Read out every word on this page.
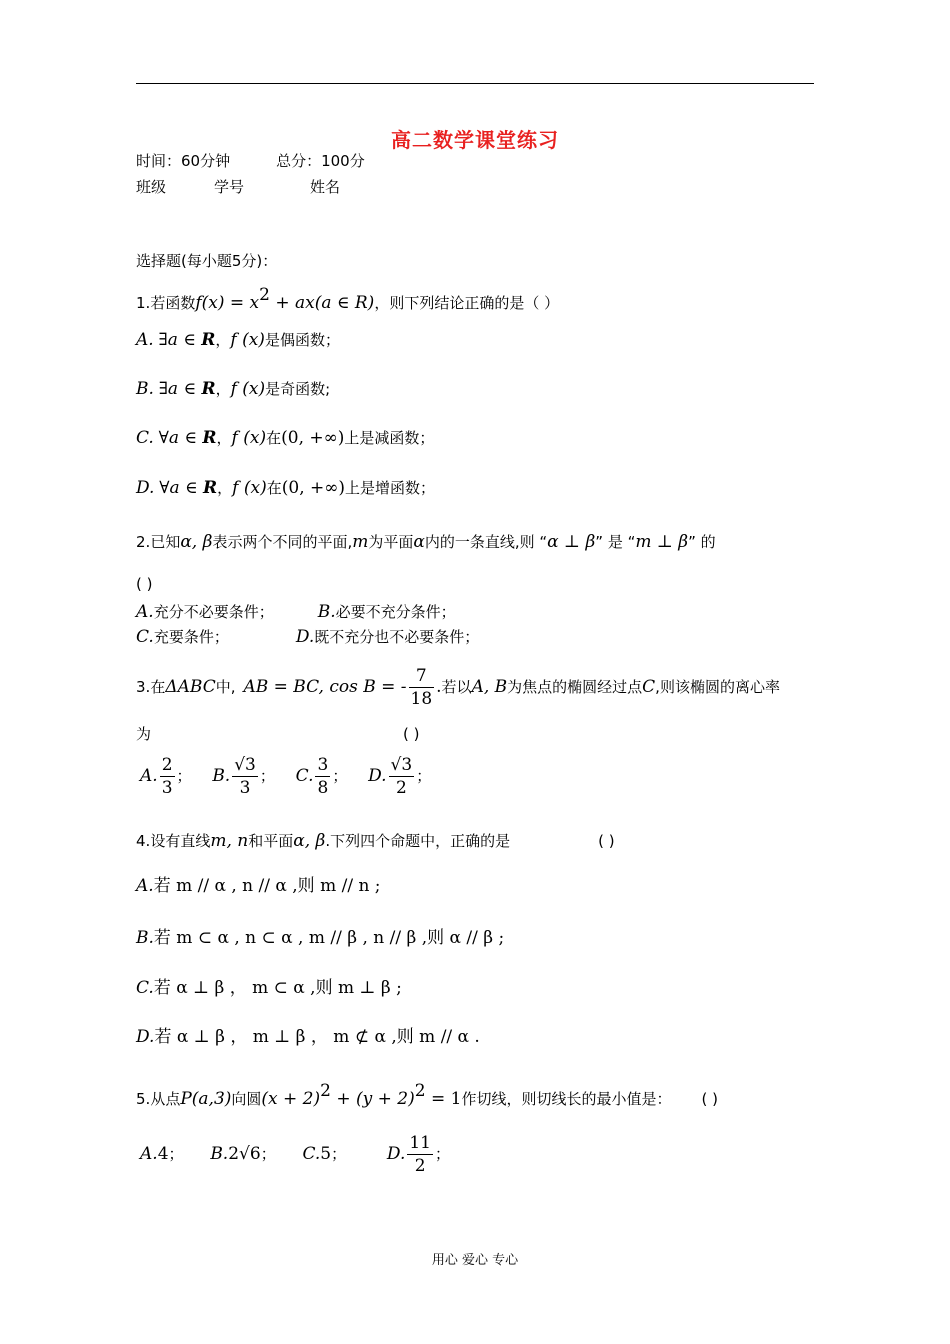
高二数学课堂练习
时间：60分钟	总分：100分
班级	学号	姓名
选择题(每小题5分)：
1.若函数$f(x) = x^2 + ax(a$ ∈ R)，则下列结论正确的是（ ）
A. ∃a ∈ R，f (x)是偶函数；
B. ∃a ∈ R，f (x)是奇函数;
C. ∀a ∈ R，f (x)在(0, +∞)上是减函数；
D. ∀a ∈ R，f (x)在(0, +∞)上是增函数；
2.已知α, β表示两个不同的平面,m为平面α内的一条直线,则 “α ⊥ β” 是 “m ⊥ β” 的
( )
A.充分不必要条件；	B.必要不充分条件；
C.充要条件；	D.既不充分也不必要条件；
3.在ΔABC中, AB = BC, cos B = - $\frac{7}{18}$ .若以A, B为焦点的椭圆经过点C,则该椭圆的离心率
为	( )
A. $\frac{2}{3}$ ； B. $\frac{√3}{3}$ ； C. $\frac{3}{8}$ ； D. $\frac{√3}{2}$ ；
4.设有直线m, n和平面α, β.下列四个命题中，正确的是	( )
A.若 m // α , n // α ,则 m // n ;
B.若 m ⊂ α , n ⊂ α , m // β , n // β ,则 α // β ;
C.若 α ⊥ β ， m ⊂ α ,则 m ⊥ β ;
D.若 α ⊥ β ， m ⊥ β ， m ⊄ α ,则 m // α .
5.从点P(a,3)向圆$(x + 2)^2 + (y + 2)^2 = 1$作切线，则切线长的最小值是： ( )
A.4； B.2√6； C.5； D. $\frac{11}{2}$ ；
用心 爱心 专心
